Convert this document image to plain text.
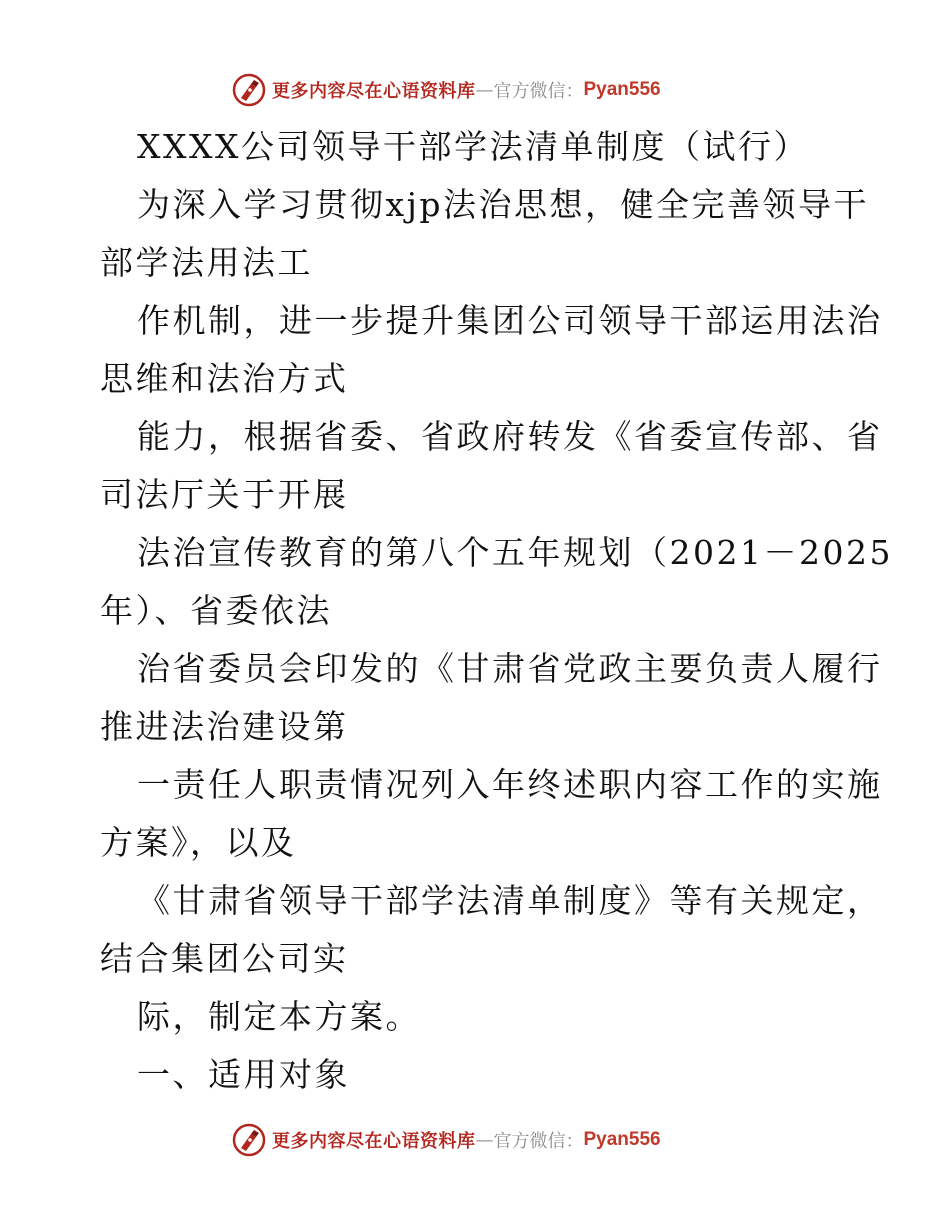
更多内容尽在心语资料库 — 官方微信： Pyan556
XXXX公司领导干部学法清单制度（试行）
为深入学习贯彻xjp法治思想，健全完善领导干
部学法用法工
作机制，进一步提升集团公司领导干部运用法治
思维和法治方式
能力，根据省委、省政府转发《省委宣传部、省
司法厅关于开展
法治宣传教育的第八个五年规划（2021－2025
年）、省委依法
治省委员会印发的《甘肃省党政主要负责人履行
推进法治建设第
一责任人职责情况列入年终述职内容工作的实施
方案》，以及
《甘肃省领导干部学法清单制度》等有关规定，
结合集团公司实
际，制定本方案。
一、适用对象
更多内容尽在心语资料库 — 官方微信： Pyan556
